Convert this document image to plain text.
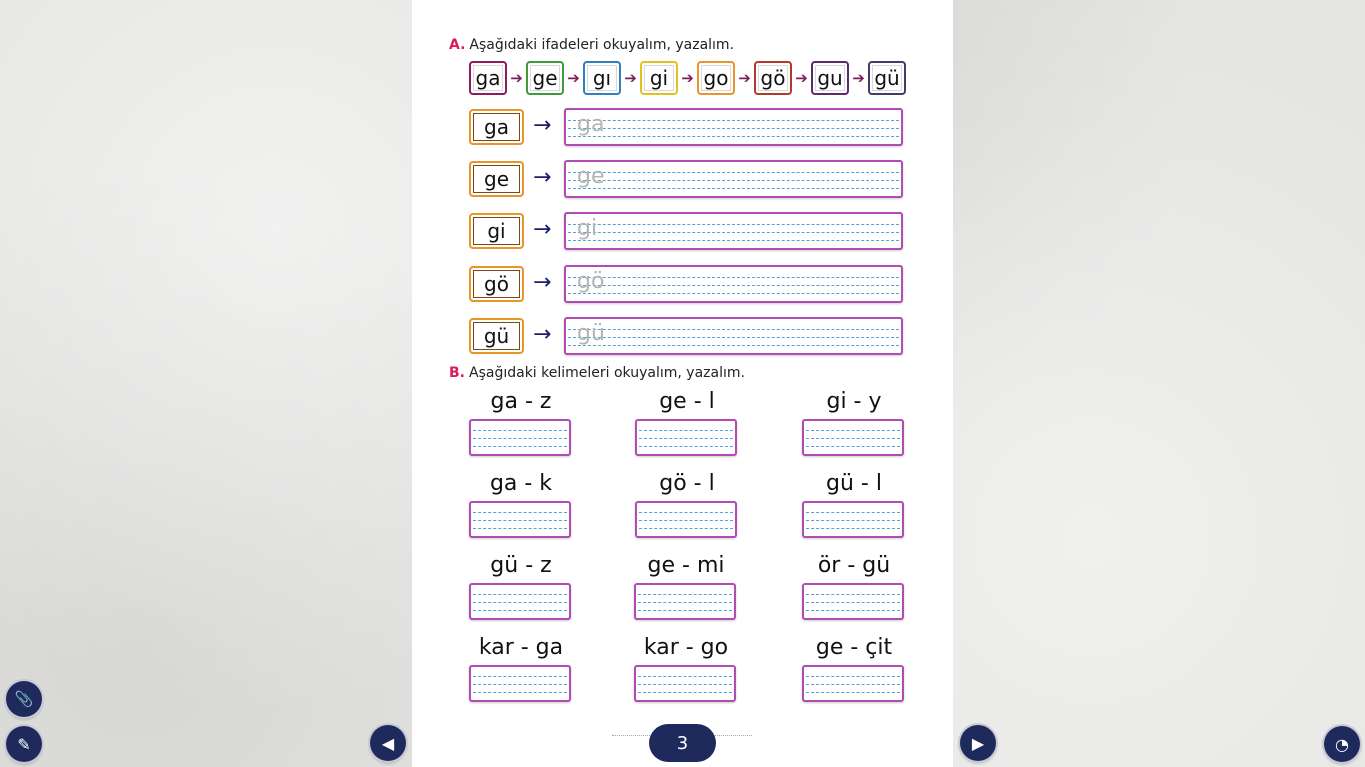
A. Aşağıdaki ifadeleri okuyalım, yazalım.
ga ➔ ge ➔ gı ➔ gi ➔ go ➔ gö ➔ gu ➔ gü
ga	→ ga
ge	→ ge
gi	→ gi
gö	→ gö
gü	→ gü
B. Aşağıdaki kelimeleri okuyalım, yazalım.
ga - z	ge - l	gi - y
ga - k	gö - l	gü - l
gü - z	ge - mi	ör - gü
kar - ga	kar - go	ge - çit
3
📎
✎	◀	▶	◔
